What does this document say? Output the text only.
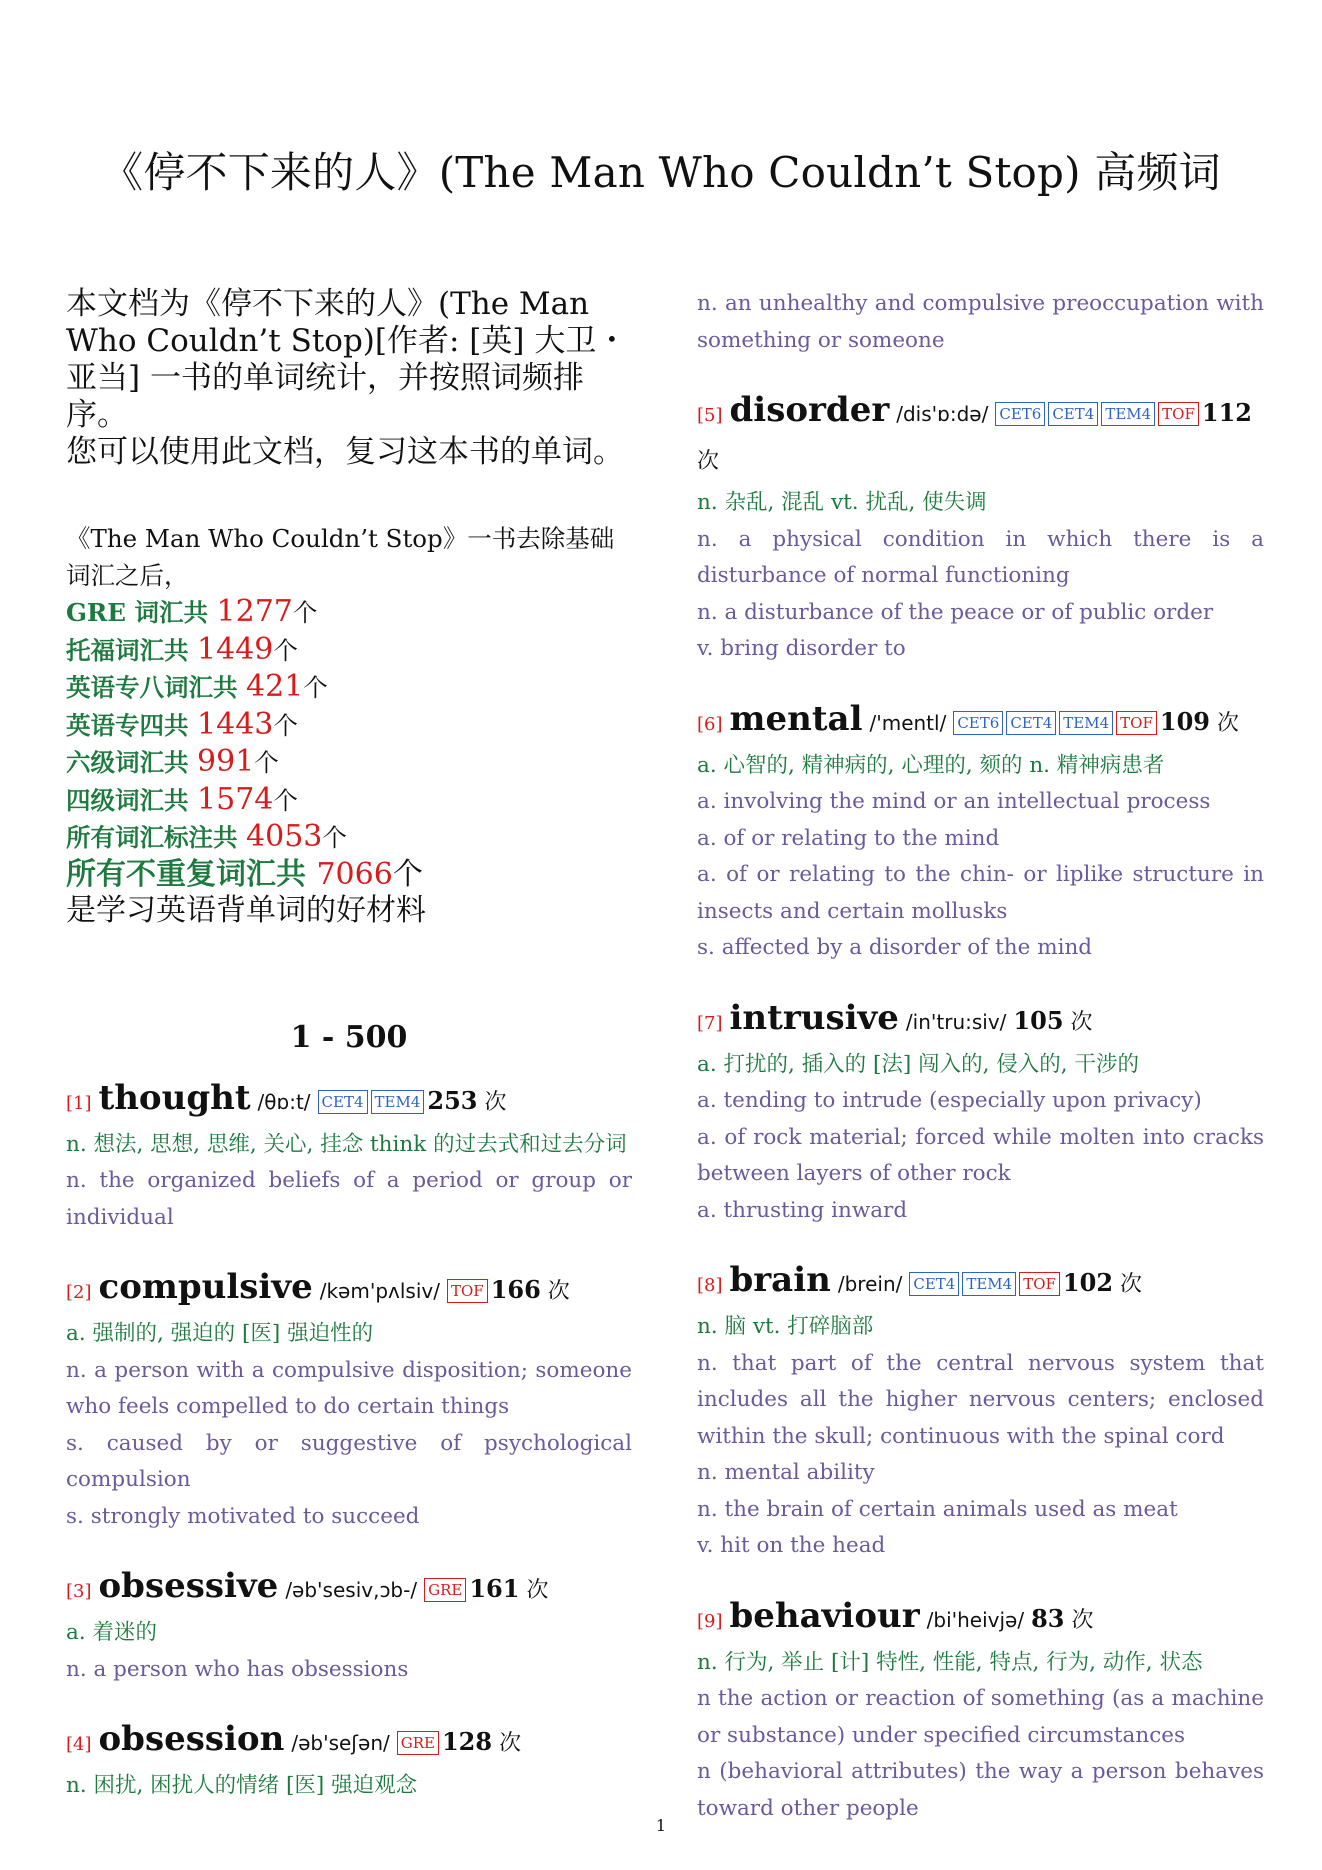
《停不下来的人》(The Man Who Couldn’t Stop) 高频词

本文档为《停不下来的人》(The Man Who Couldn’t Stop)[作者: [英] 大卫・亚当] 一书的单词统计，并按照词频排序。

您可以使用此文档，复习这本书的单词。

《The Man Who Couldn’t Stop》一书去除基础词汇之后，
GRE 词汇共 1277个
托福词汇共 1449个
英语专八词汇共 421个
英语专四共 1443个
六级词汇共 991个
四级词汇共 1574个
所有词汇标注共 4053个
所有不重复词汇共 7066个
是学习英语背单词的好材料
1 - 500
[1] thought /θɒ:t/ CET4 TEM4 253 次
n. 想法, 思想, 思维, 关心, 挂念 think 的过去式和过去分词
n. the organized beliefs of a period or group or individual
[2] compulsive /kəm'pʌlsiv/ TOF 166 次
a. 强制的, 强迫的 [医] 强迫性的
n. a person with a compulsive disposition; someone who feels compelled to do certain things
s. caused by or suggestive of psychological compulsion
s. strongly motivated to succeed
[3] obsessive /əb'sesiv,ɔb-/ GRE 161 次
a. 着迷的
n. a person who has obsessions
[4] obsession /əb'seʃən/ GRE 128 次
n. 困扰, 困扰人的情绪 [医] 强迫观念
n. an unhealthy and compulsive preoccupation with something or someone
[5] disorder /dis'ɒ:də/ CET6 CET4 TEM4 TOF 112 次
n. 杂乱, 混乱 vt. 扰乱, 使失调
n. a physical condition in which there is a disturbance of normal functioning
n. a disturbance of the peace or of public order
v. bring disorder to
[6] mental /'mentl/ CET6 CET4 TEM4 TOF 109 次
a. 心智的, 精神病的, 心理的, 颏的 n. 精神病患者
a. involving the mind or an intellectual process
a. of or relating to the mind
a. of or relating to the chin- or liplike structure in insects and certain mollusks
s. affected by a disorder of the mind
[7] intrusive /in'tru:siv/ 105 次
a. 打扰的, 插入的 [法] 闯入的, 侵入的, 干涉的
a. tending to intrude (especially upon privacy)
a. of rock material; forced while molten into cracks between layers of other rock
a. thrusting inward
[8] brain /brein/ CET4 TEM4 TOF 102 次
n. 脑 vt. 打碎脑部
n. that part of the central nervous system that includes all the higher nervous centers; enclosed within the skull; continuous with the spinal cord
n. mental ability
n. the brain of certain animals used as meat
v. hit on the head
[9] behaviour /bi'heivjə/ 83 次
n. 行为, 举止 [计] 特性, 性能, 特点, 行为, 动作, 状态
n the action or reaction of something (as a machine or substance) under specified circumstances
n (behavioral attributes) the way a person behaves toward other people
1
